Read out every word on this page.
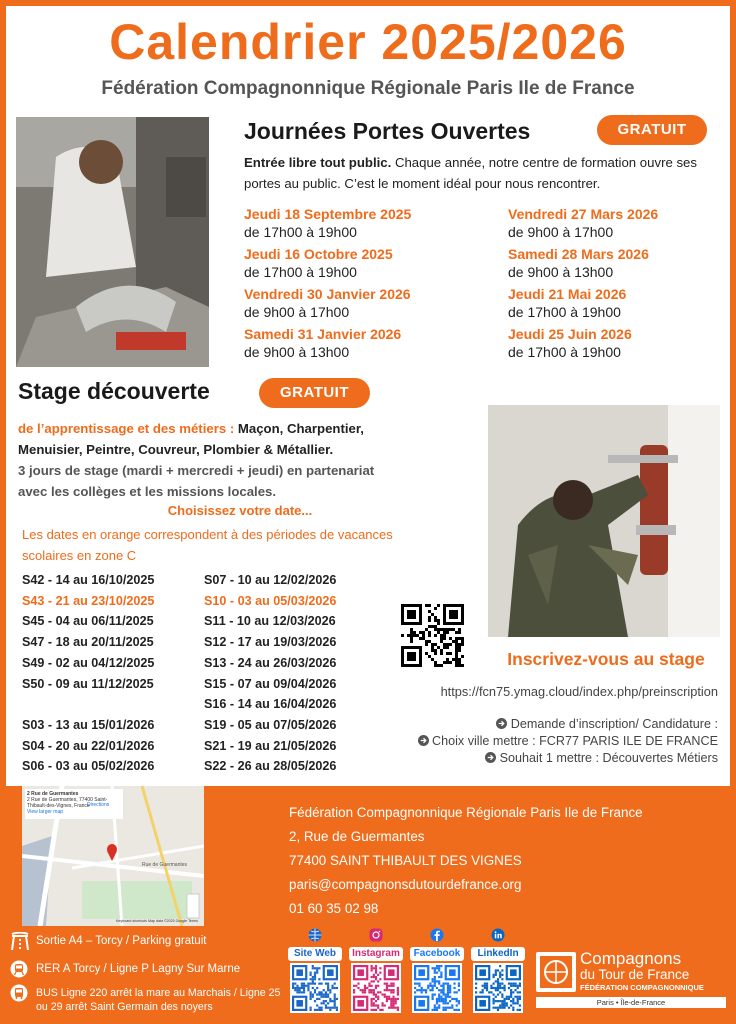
Calendrier 2025/2026
Fédération Compagnonnique Régionale Paris Ile de France
Journées Portes Ouvertes	GRATUIT
Entrée libre tout public. Chaque année, notre centre de formation ouvre ses portes au public. C’est le moment idéal pour nous rencontrer.
Jeudi 18 Septembre 2025
de 17h00 à 19h00
Jeudi 16 Octobre 2025
de 17h00 à 19h00
Vendredi 30 Janvier 2026
de 9h00 à 17h00
Samedi 31 Janvier 2026
de 9h00 à 13h00
Vendredi 27 Mars 2026
de 9h00 à 17h00
Samedi 28 Mars 2026
de 9h00 à 13h00
Jeudi 21 Mai 2026
de 17h00 à 19h00
Jeudi 25 Juin 2026
de 17h00 à 19h00
Stage découverte	GRATUIT
de l’apprentissage et des métiers : Maçon, Charpentier,
Menuisier, Peintre, Couvreur, Plombier & Métallier.
3 jours de stage (mardi + mercredi + jeudi) en partenariat
avec les collèges et les missions locales.
Choisissez votre date...
Les dates en orange correspondent à des périodes de vacances
scolaires en zone C
S42 - 14 au 16/10/2025
S43 - 21 au 23/10/2025
S45 - 04 au 06/11/2025
S47 - 18 au 20/11/2025
S49 - 02 au 04/12/2025
S50 - 09 au 11/12/2025
S03 - 13 au 15/01/2026
S04 - 20 au 22/01/2026
S06 - 03 au 05/02/2026
S07 - 10 au 12/02/2026
S10 - 03 au 05/03/2026
S11 - 10 au 12/03/2026
S12 - 17 au 19/03/2026
S13 - 24 au 26/03/2026
S15 - 07 au 09/04/2026
S16 - 14 au 16/04/2026
S19 - 05 au 07/05/2026
S21 - 19 au 21/05/2026
S22 - 26 au 28/05/2026
Inscrivez-vous au stage
https://fcn75.ymag.cloud/index.php/preinscription
Demande d’inscription/ Candidature :
Choix ville mettre : FCR77 PARIS ILE DE FRANCE
Souhait 1 mettre : Découvertes Métiers
2 Rue de Guermantes
2 Rue de Guermantes, 77400 Saint-Thibault-des-Vignes, France
View larger map
Directions
Rue de Guermantes
Keyboard shortcuts Map data ©2025 Google Terms
Fédération Compagnonnique Régionale Paris Ile de France
2, Rue de Guermantes
77400 SAINT THIBAULT DES VIGNES
paris@compagnonsdutourdefrance.org
01 60 35 02 98
Sortie A4 – Torcy / Parking gratuit
RER A Torcy / Ligne P Lagny Sur Marne
BUS Ligne 220 arrêt la mare au Marchais / Ligne 25 ou 29 arrêt Saint Germain des noyers
Site Web	Instagram	Facebook	LinkedIn	Compagnons
du Tour de France
FÉDÉRATION COMPAGNONNIQUE
Paris • Île-de-France
